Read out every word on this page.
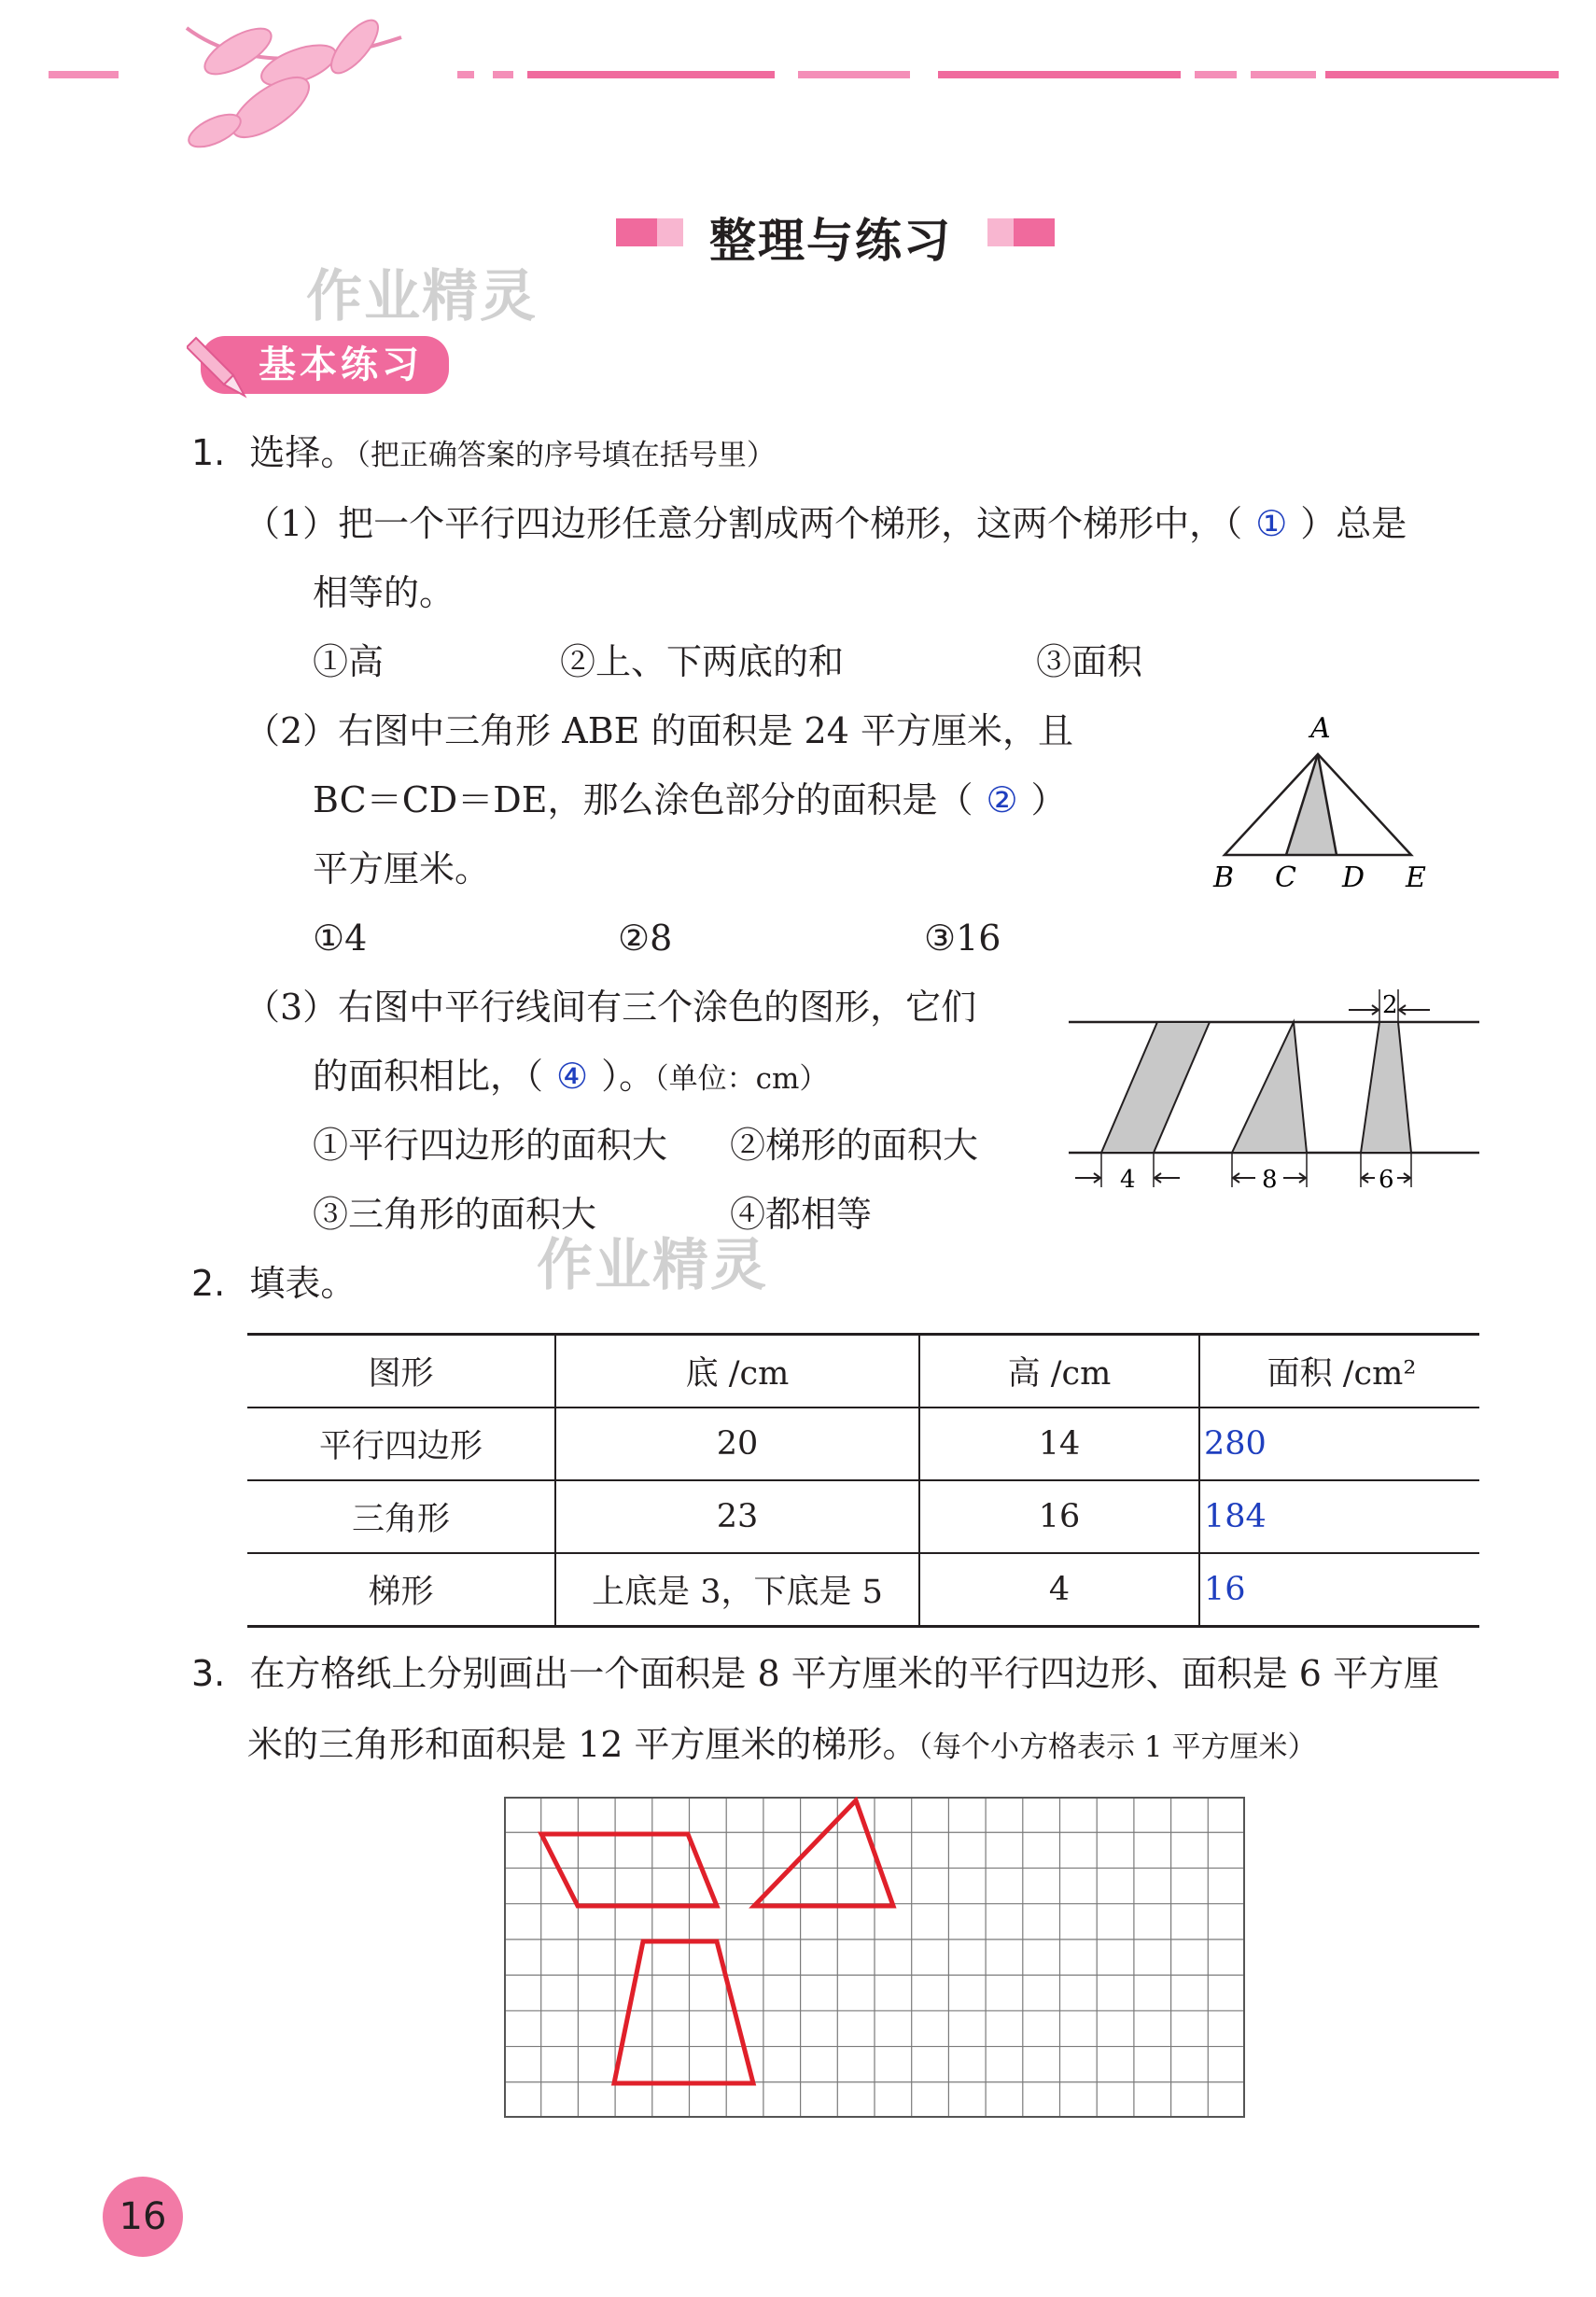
整理与练习
作业精灵
基本练习
1. 选择。（把正确答案的序号填在括号里）
（1）把一个平行四边形任意分割成两个梯形，这两个梯形中，（ ① ）总是
相等的。
①高	②上、下两底的和	③面积
（2）右图中三角形 ABE 的面积是 24 平方厘米，且
BC＝CD＝DE，那么涂色部分的面积是（ ② ）
平方厘米。
①4	②8	③16
A
B C D E
（3）右图中平行线间有三个涂色的图形，它们
的面积相比，（ ④ ）。（单位：cm）
①平行四边形的面积大 ②梯形的面积大
③三角形的面积大	④都相等
作业精灵
2
4	8	6
2. 填表。
图形	底 /cm	高 /cm	面积 /cm²
平行四边形	20	14	280
三角形	23	16	184
梯形	上底是 3，下底是 5	4	16
3. 在方格纸上分别画出一个面积是 8 平方厘米的平行四边形、面积是 6 平方厘
米的三角形和面积是 12 平方厘米的梯形。（每个小方格表示 1 平方厘米）
16
